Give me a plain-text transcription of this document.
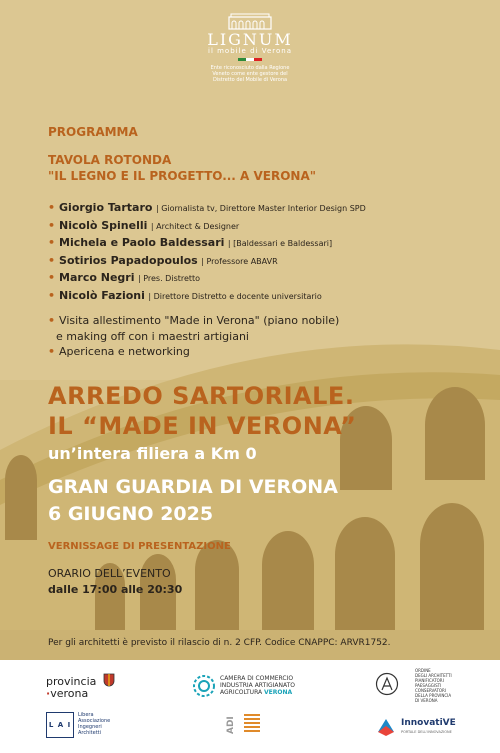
LIGNUM
il mobile di Verona
Ente riconosciuto dalla Regione
Veneto come ente gestore del
Distretto del Mobile di Verona
PROGRAMMA
TAVOLA ROTONDA
"IL LEGNO E IL PROGETTO... A VERONA"
• Giorgio Tartaro | Giornalista tv, Direttore Master Interior Design SPD
• Nicolò Spinelli | Architect & Designer
• Michela e Paolo Baldessari | [Baldessari e Baldessari]
• Sotirios Papadopoulos | Professore ABAVR
• Marco Negri | Pres. Distretto
• Nicolò Fazioni | Direttore Distretto e docente universitario
• Visita allestimento "Made in Verona" (piano nobile)
e making off con i maestri artigiani
• Apericena e networking
ARREDO SARTORIALE.
IL “MADE IN VERONA”
un’intera filiera a Km 0
GRAN GUARDIA DI VERONA
6 GIUGNO 2025
VERNISSAGE DI PRESENTAZIONE
ORARIO DELL’EVENTO
dalle 17:00 alle 20:30
Per gli architetti è previsto il rilascio di n. 2 CFP. Codice CNAPPC: ARVR1752.
provincia
·verona
CAMERA DI COMMERCIO
INDUSTRIA ARTIGIANATO
AGRICOLTURA VERONA
ORDINE
DEGLI ARCHITETTI
PIANIFICATORI
PAESAGGISTI
CONSERVATORI
DELLA PROVINCIA
DI VERONA
L A I
Libera
Associazione
Ingegneri
Architetti	ADI	InnovatiVE
PORTALE DELL'INNOVAZIONE
